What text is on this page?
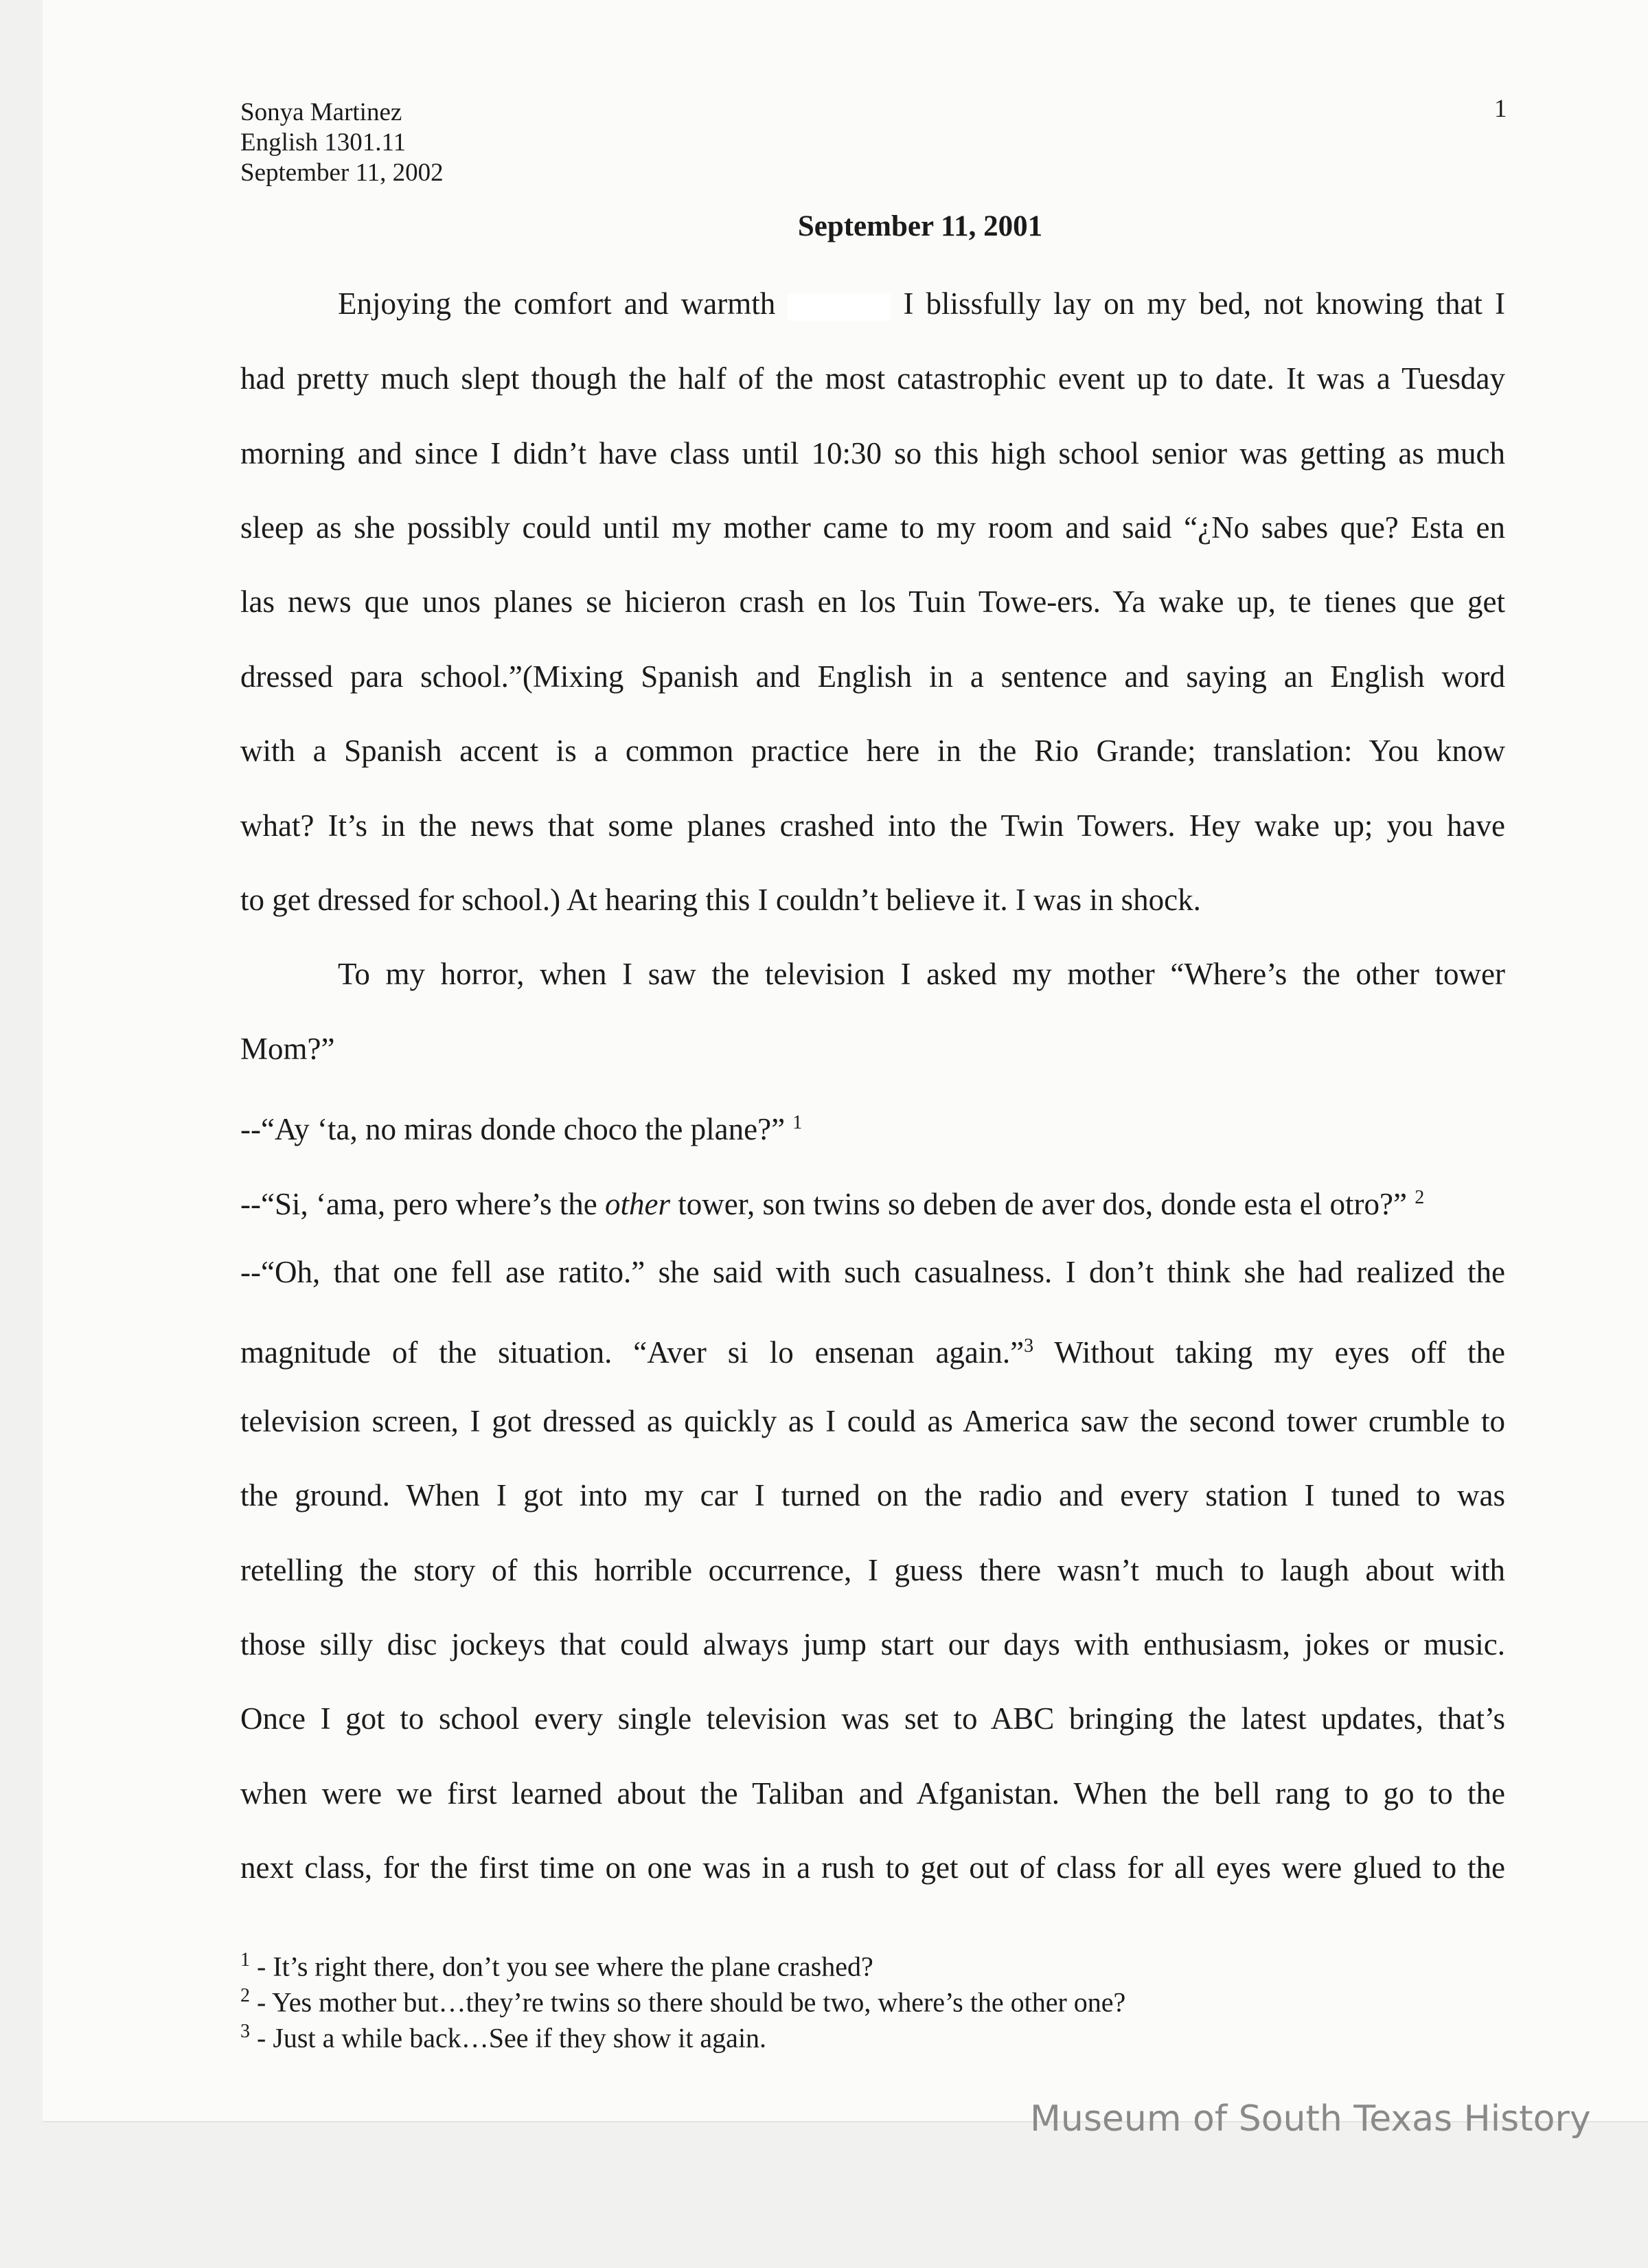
Sonya Martinez
English 1301.11
September 11, 2002
1
September 11, 2001
Enjoying the comfort and warmth	I blissfully lay on my bed, not knowing that I
had pretty much slept though the half of the most catastrophic event up to date. It was a Tuesday
morning and since I didn’t have class until 10:30 so this high school senior was getting as much
sleep as she possibly could until my mother came to my room and said “¿No sabes que? Esta en
las news que unos planes se hicieron crash en los Tuin Towe-ers. Ya wake up, te tienes que get
dressed para school.”(Mixing Spanish and English in a sentence and saying an English word
with a Spanish accent is a common practice here in the Rio Grande; translation: You know
what? It’s in the news that some planes crashed into the Twin Towers. Hey wake up; you have
to get dressed for school.) At hearing this I couldn’t believe it. I was in shock.
To my horror, when I saw the television I asked my mother “Where’s the other tower
Mom?”
--“Ay ‘ta, no miras donde choco the plane?” $^1$
--“Si, ‘ama, pero where’s the other tower, son twins so deben de aver dos, donde esta el otro?” $^2$
--“Oh, that one fell ase ratito.” she said with such casualness. I don’t think she had realized the
magnitude of the situation. “Aver si lo ensenan again.”$^3$ Without taking my eyes off the
television screen, I got dressed as quickly as I could as America saw the second tower crumble to
the ground. When I got into my car I turned on the radio and every station I tuned to was
retelling the story of this horrible occurrence, I guess there wasn’t much to laugh about with
those silly disc jockeys that could always jump start our days with enthusiasm, jokes or music.
Once I got to school every single television was set to ABC bringing the latest updates, that’s
when were we first learned about the Taliban and Afganistan. When the bell rang to go to the
next class, for the first time on one was in a rush to get out of class for all eyes were glued to the
$^1$ - It’s right there, don’t you see where the plane crashed?
$^2$ - Yes mother but…they’re twins so there should be two, where’s the other one?
$^3$ - Just a while back…See if they show it again.
Museum of South Texas History
